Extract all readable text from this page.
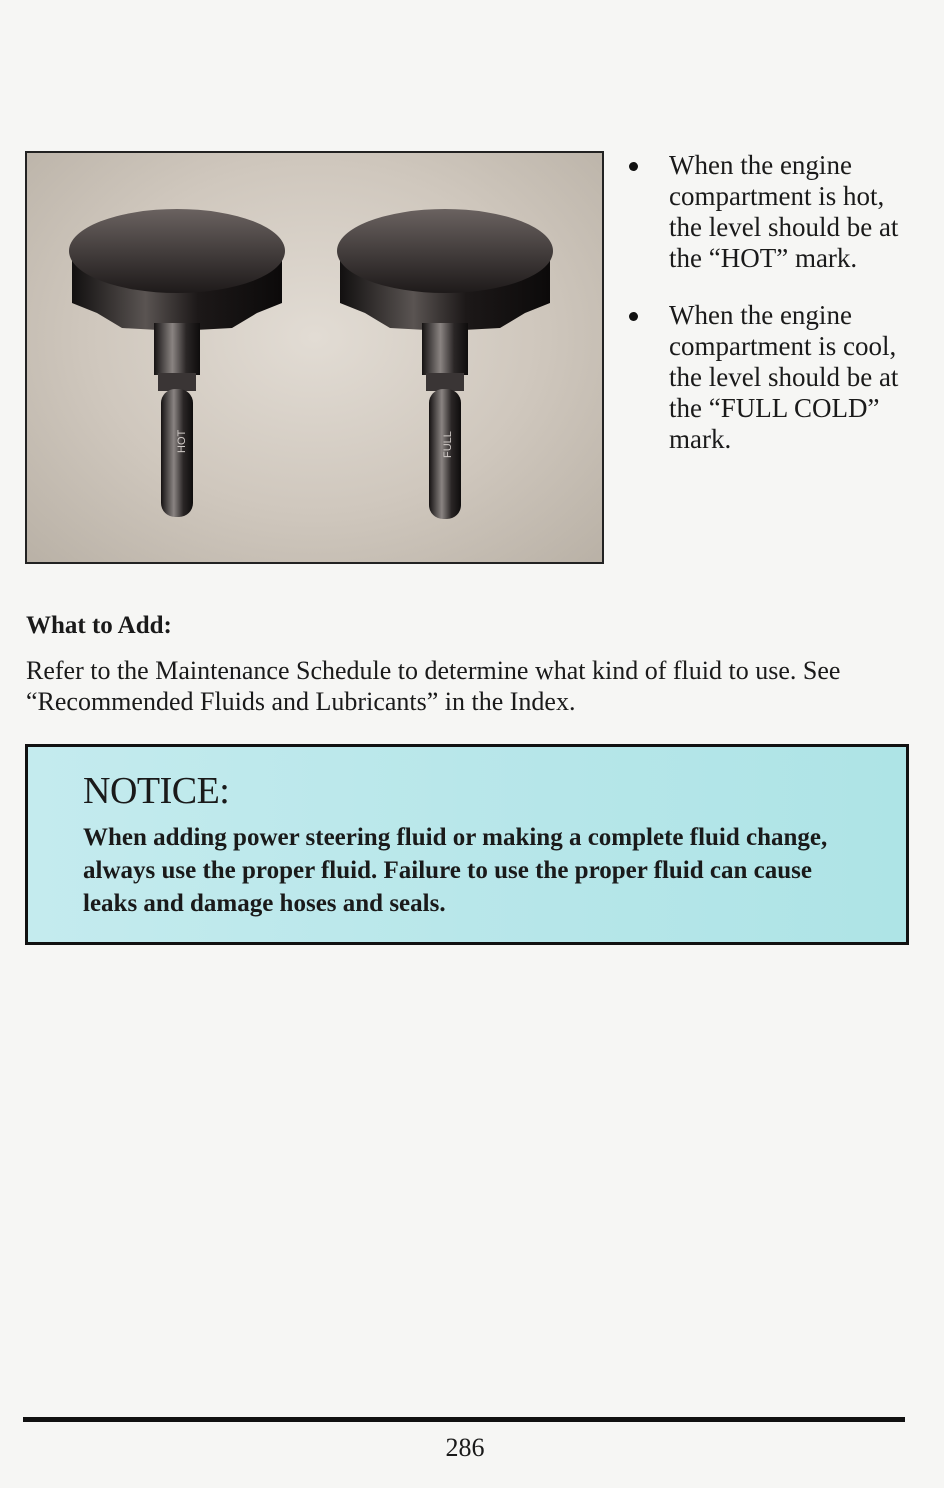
HOT	FULL
When the engine compartment is hot, the level should be at the “HOT” mark.
When the engine compartment is cool, the level should be at the “FULL COLD” mark.
What to Add:
Refer to the Maintenance Schedule to determine what kind of fluid to use. See “Recommended Fluids and Lubricants” in the Index.
NOTICE:
When adding power steering fluid or making a complete fluid change, always use the proper fluid. Failure to use the proper fluid can cause leaks and damage hoses and seals.
286
